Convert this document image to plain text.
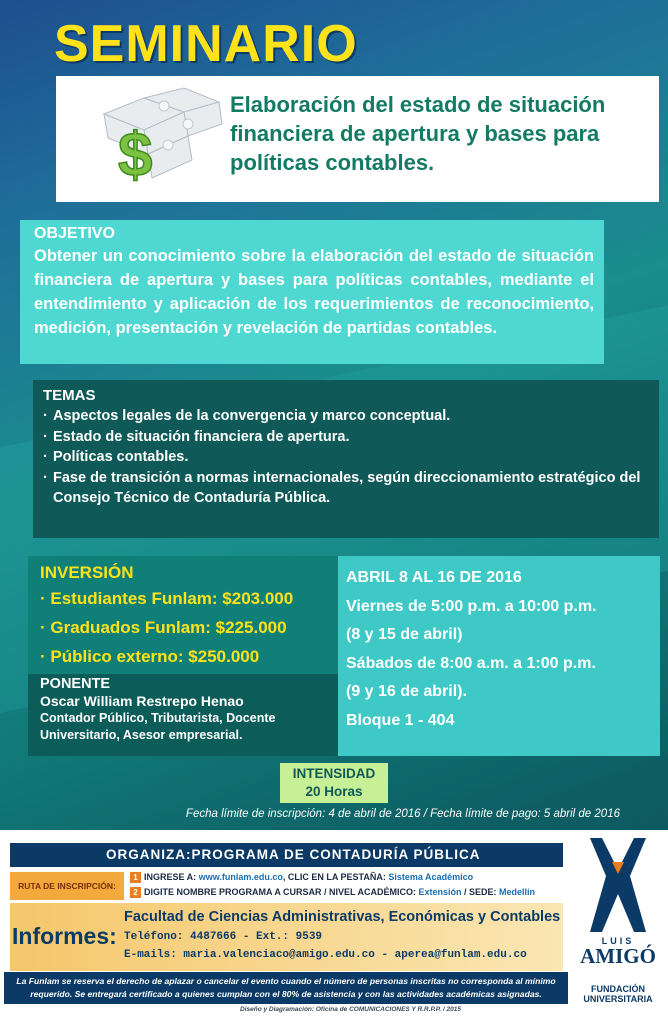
SEMINARIO
$
Elaboración del estado de situación financiera de apertura y bases para políticas contables.
OBJETIVO
Obtener un conocimiento sobre la elaboración del estado de situación financiera de apertura y bases para políticas contables, mediante el entendimiento y aplicación de los requerimientos de reconocimiento, medición, presentación y revelación de partidas contables.
TEMAS
· Aspectos legales de la convergencia y marco conceptual.
· Estado de situación financiera de apertura.
· Políticas contables.
· Fase de transición a normas internacionales, según direccionamiento estratégico del Consejo Técnico de Contaduría Pública.
INVERSIÓN
· Estudiantes Funlam: $203.000
· Graduados Funlam: $225.000
· Público externo: $250.000
PONENTE
Oscar William Restrepo Henao
Contador Público, Tributarista, Docente
Universitario, Asesor empresarial.
ABRIL 8 AL 16 DE 2016
Viernes de 5:00 p.m. a 10:00 p.m.
(8 y 15 de abril)
Sábados de 8:00 a.m. a 1:00 p.m.
(9 y 16 de abril).
Bloque 1 - 404
INTENSIDAD
20 Horas
Fecha límite de inscripción: 4 de abril de 2016 / Fecha límite de pago: 5 abril de 2016
ORGANIZA:PROGRAMA DE CONTADURÍA PÚBLICA
RUTA DE INSCRIPCIÓN:
1 INGRESE A: www.funlam.edu.co, CLIC EN LA PESTAÑA: Sistema Académico
2 DIGITE NOMBRE PROGRAMA A CURSAR / NIVEL ACADÉMICO: Extensión / SEDE: Medellín
Informes:
Facultad de Ciencias Administrativas, Económicas y Contables
Teléfono: 4487666 - Ext.: 9539
E-mails: maria.valenciaco@amigo.edu.co - aperea@funlam.edu.co
La Funlam se reserva el derecho de aplazar o cancelar el evento cuando el número de personas inscritas no corresponda al mínimo requerido. Se entregará certificado a quienes cumplan con el 80% de asistencia y con las actividades académicas asignadas.
Diseño y Diagramación: Oficina de COMUNICACIONES Y R.R.P.P. / 2015
LUIS
AMIGÓ
FUNDACIÓN
UNIVERSITARIA
